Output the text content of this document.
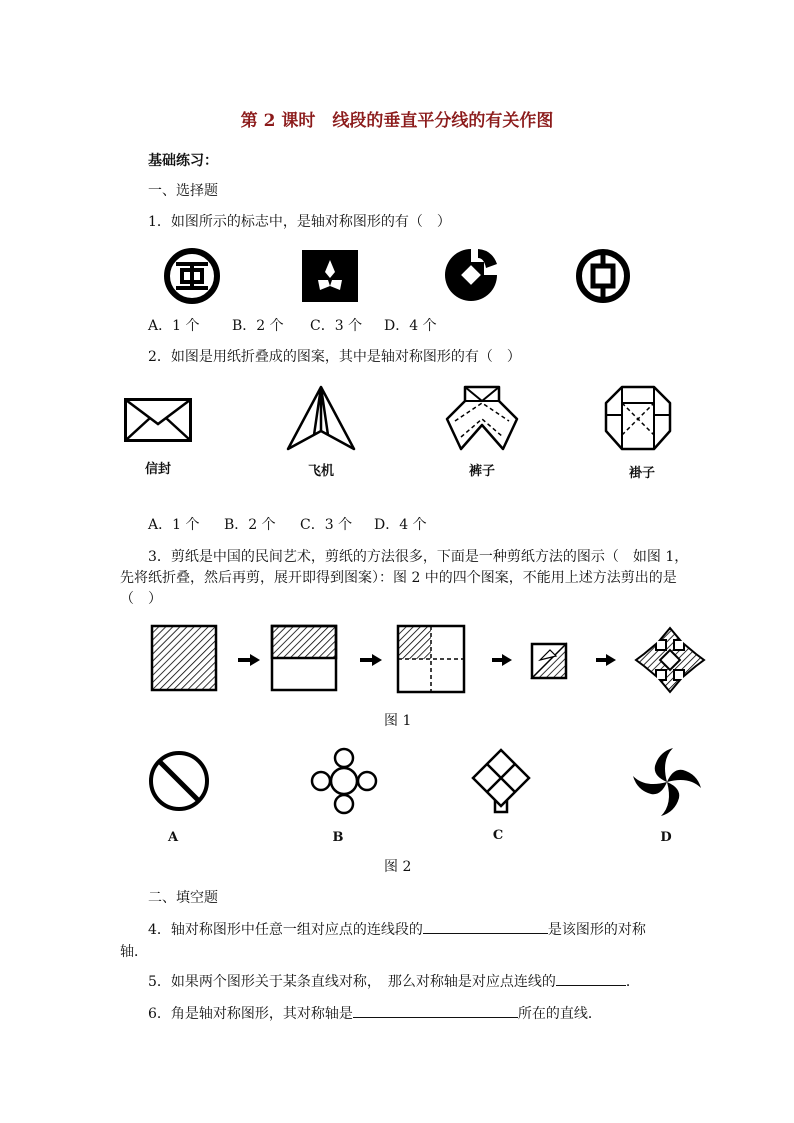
第 2 课时　线段的垂直平分线的有关作图
基础练习：
一、选择题
1．如图所示的标志中，是轴对称图形的有（　）
A．1 个 B．2 个 C．3 个 D．4 个
2．如图是用纸折叠成的图案，其中是轴对称图形的有（　）
信封	飞机	裤子	褂子
A．1 个 B．2 个 C．3 个 D．4 个
3．剪纸是中国的民间艺术，剪纸的方法很多，下面是一种剪纸方法的图示（　如图 1，
先将纸折叠，然后再剪，展开即得到图案）：图 2 中的四个图案，不能用上述方法剪出的是
（　）
图 1
A	B	C	D
图 2
二、填空题
4．轴对称图形中任意一组对应点的连线段的	是该图形的对称
轴．
5．如果两个图形关于某条直线对称，　那么对称轴是对应点连线的	．
6．角是轴对称图形，其对称轴是	所在的直线．
